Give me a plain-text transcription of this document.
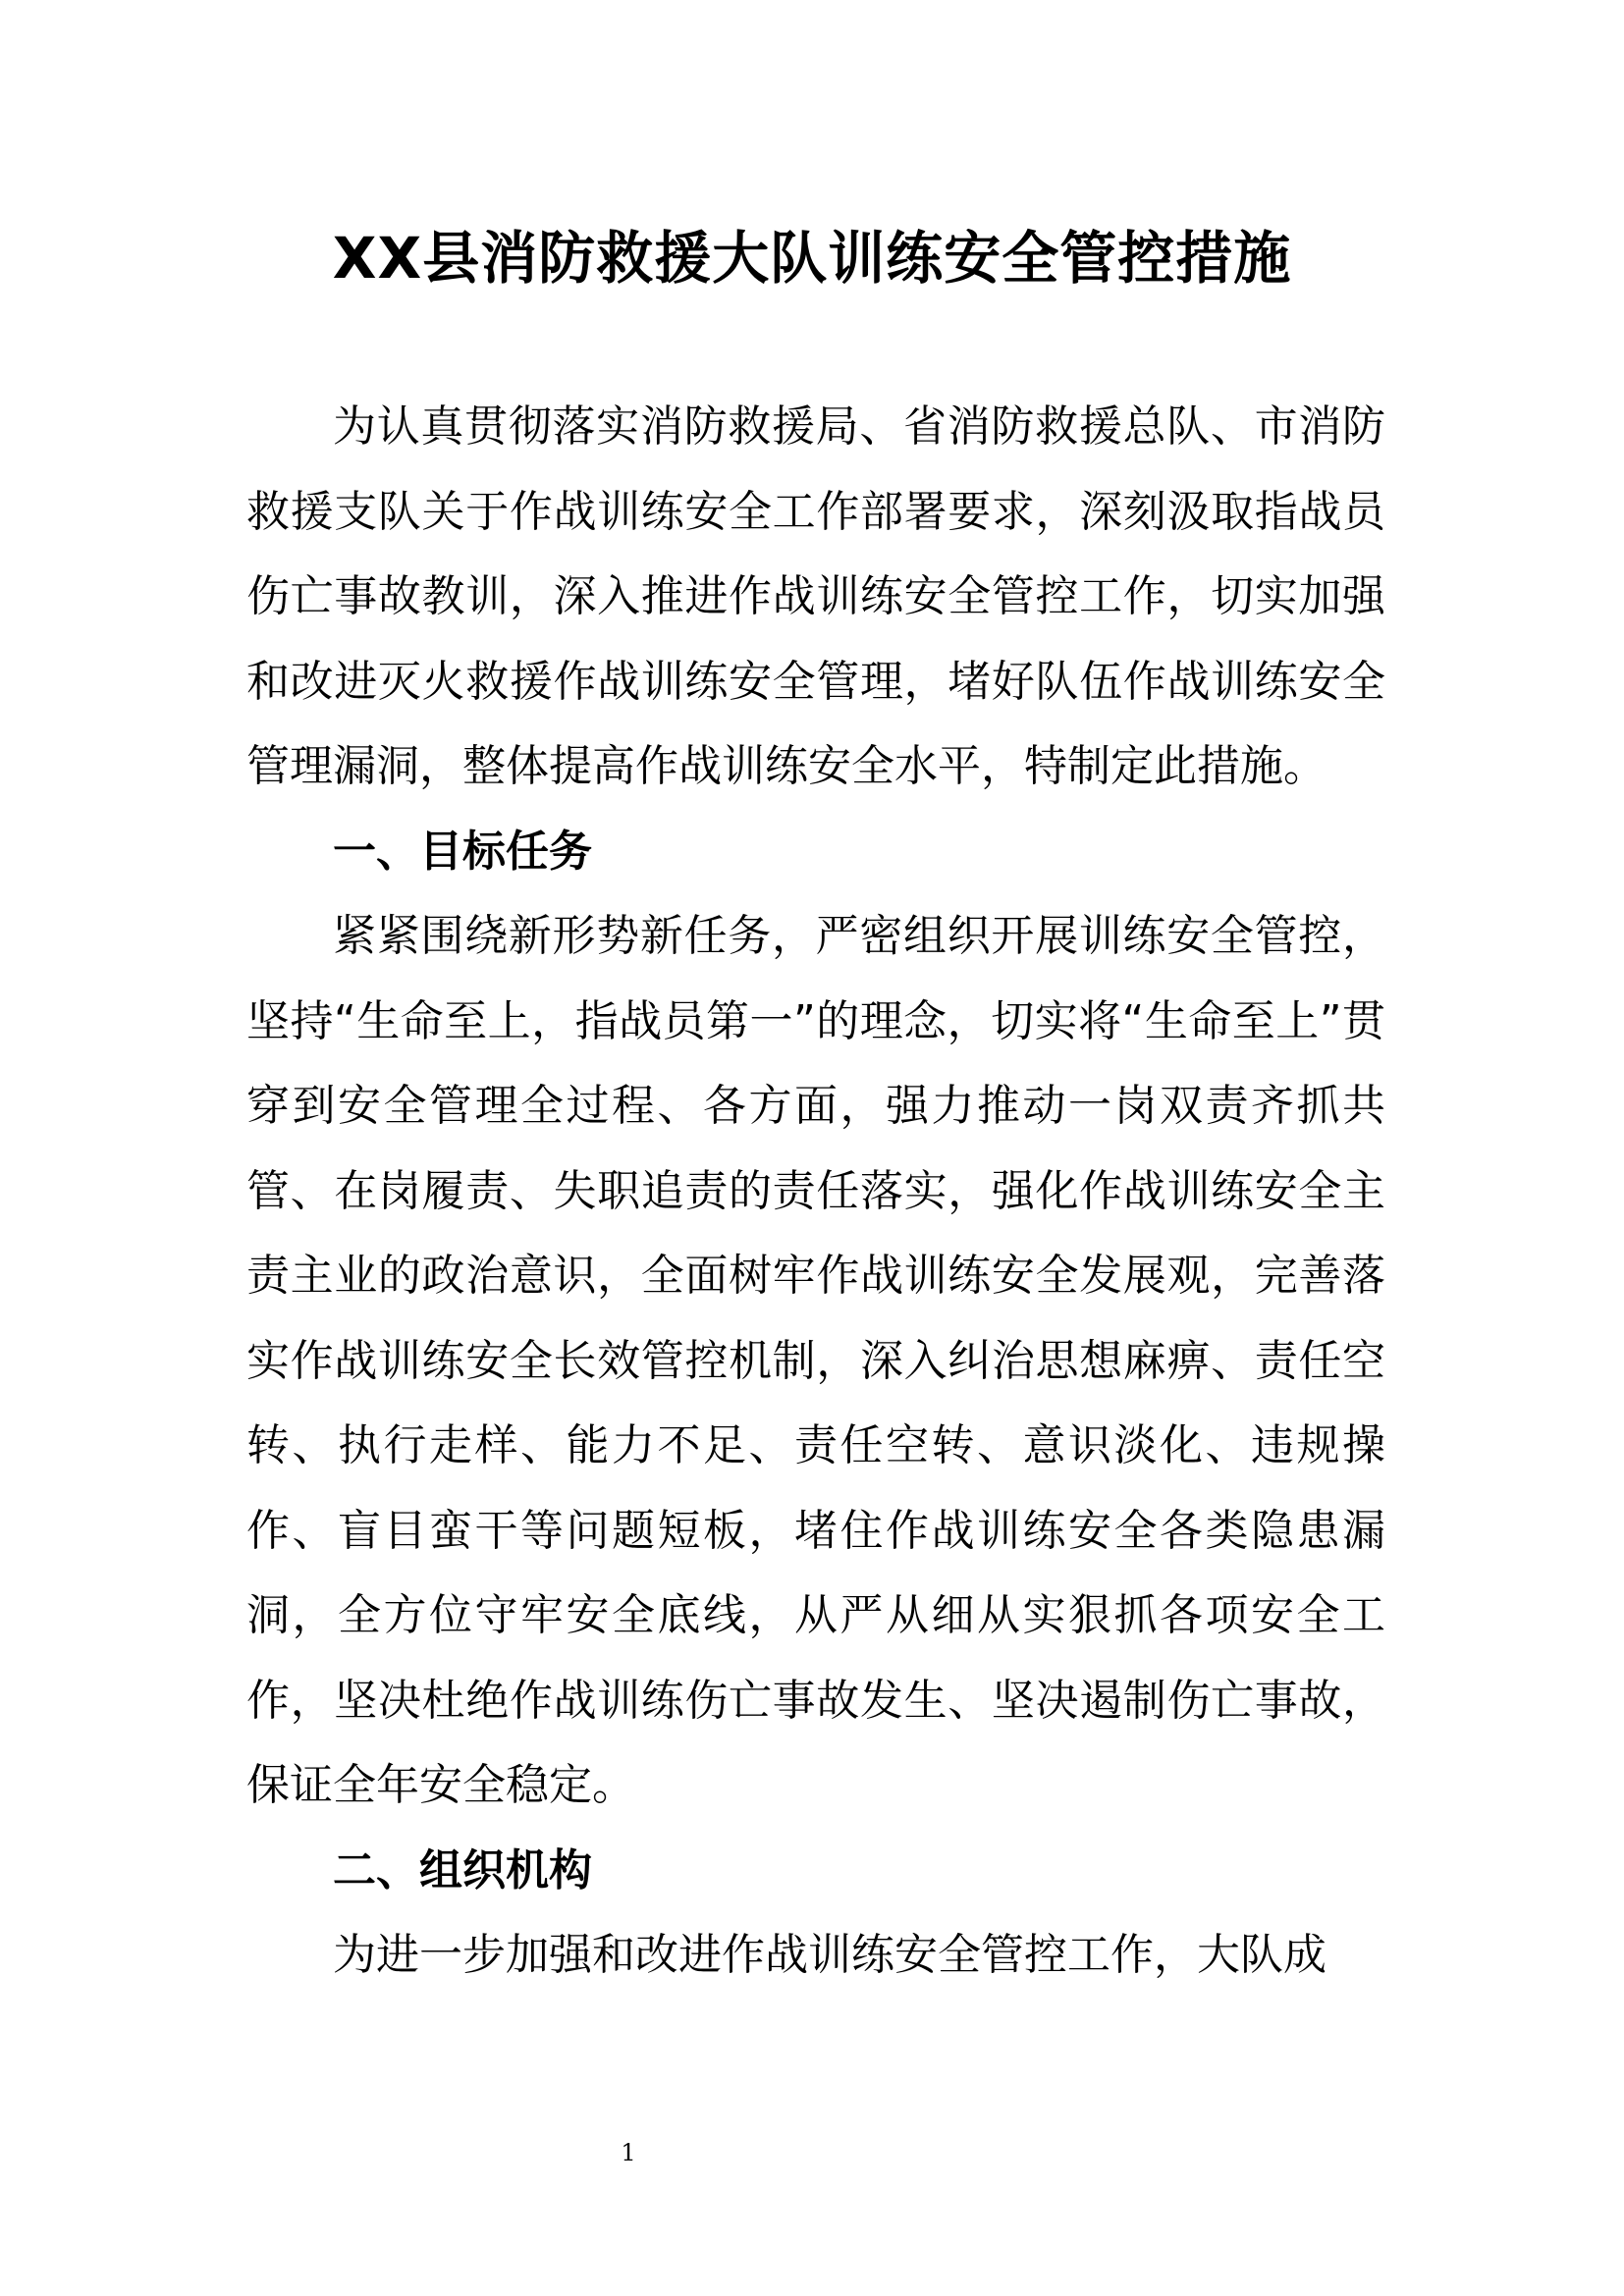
XX县消防救援大队训练安全管控措施

为认真贯彻落实消防救援局、省消防救援总队、市消防救援支队关于作战训练安全工作部署要求，深刻汲取指战员伤亡事故教训，深入推进作战训练安全管控工作，切实加强和改进灭火救援作战训练安全管理，堵好队伍作战训练安全管理漏洞，整体提高作战训练安全水平，特制定此措施。

一、目标任务

紧紧围绕新形势新任务，严密组织开展训练安全管控，坚持“生命至上，指战员第一”的理念，切实将“生命至上”贯穿到安全管理全过程、各方面，强力推动一岗双责齐抓共管、在岗履责、失职追责的责任落实，强化作战训练安全主责主业的政治意识，全面树牢作战训练安全发展观，完善落实作战训练安全长效管控机制，深入纠治思想麻痹、责任空转、执行走样、能力不足、责任空转、意识淡化、违规操作、盲目蛮干等问题短板，堵住作战训练安全各类隐患漏洞，全方位守牢安全底线，从严从细从实狠抓各项安全工作，坚决杜绝作战训练伤亡事故发生、坚决遏制伤亡事故，保证全年安全稳定。

二、组织机构

为进一步加强和改进作战训练安全管控工作，大队成

1
